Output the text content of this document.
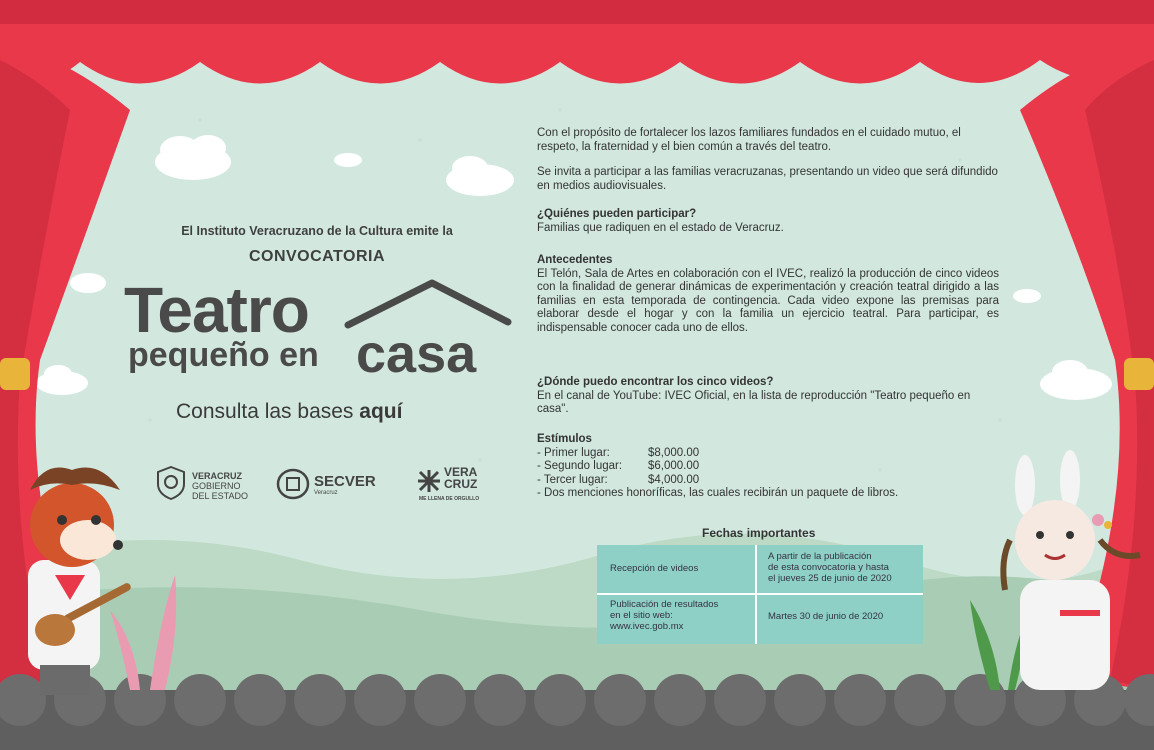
El Instituto Veracruzano de la Cultura emite la
CONVOCATORIA
Teatro
pequeño en casa
Consulta las bases aquí
VERACRUZ
GOBIERNO
DEL ESTADO
SECVER
Veracruz
VERA
CRUZ
ME LLENA DE ORGULLO
Con el propósito de fortalecer los lazos familiares fundados en el cuidado mutuo, el respeto, la fraternidad y el bien común a través del teatro.
Se invita a participar a las familias veracruzanas, presentando un video que será difundido en medios audiovisuales.
¿Quiénes pueden participar?
Familias que radiquen en el estado de Veracruz.
Antecedentes
El Telón, Sala de Artes en colaboración con el IVEC, realizó la producción de cinco videos con la finalidad de generar dinámicas de experimentación y creación teatral dirigido a las familias en esta temporada de contingencia. Cada video expone las premisas para elaborar desde el hogar y con la familia un ejercicio teatral. Para participar, es indispensable conocer cada uno de ellos.
¿Dónde puedo encontrar los cinco videos?
En el canal de YouTube: IVEC Oficial, en la lista de reproducción "Teatro pequeño en casa".
Estímulos
- Primer lugar:	$8,000.00
- Segundo lugar: $6,000.00
- Tercer lugar:	$4,000.00
- Dos menciones honoríficas, las cuales recibirán un paquete de libros.
Fechas importantes
Recepción de videos
A partir de la publicación
de esta convocatoria y hasta
el jueves 25 de junio de 2020
Publicación de resultados
en el sitio web:
www.ivec.gob.mx
Martes 30 de junio de 2020
